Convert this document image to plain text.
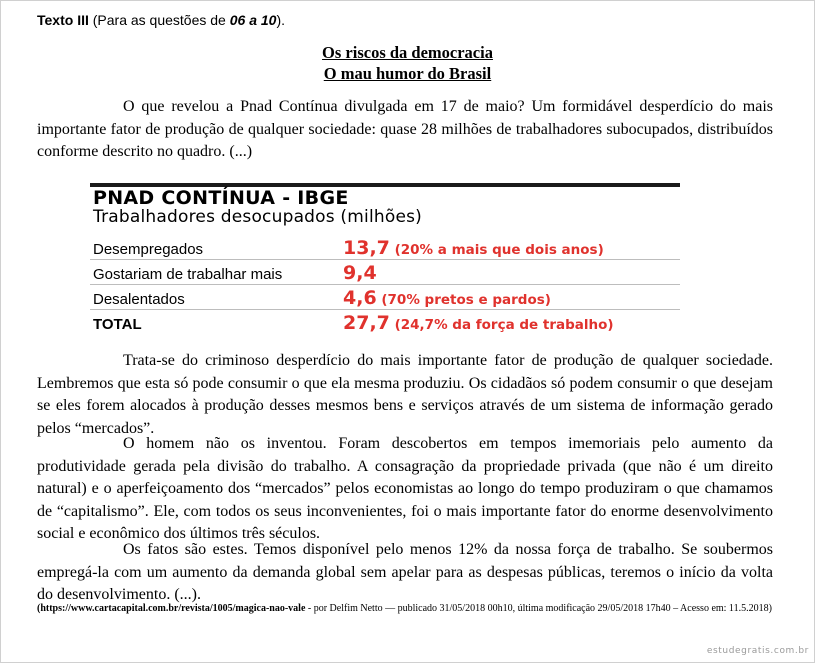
Texto III (Para as questões de 06 a 10).
Os riscos da democracia
O mau humor do Brasil
O que revelou a Pnad Contínua divulgada em 17 de maio? Um formidável desperdício do mais importante fator de produção de qualquer sociedade: quase 28 milhões de trabalhadores subocupados, distribuídos conforme descrito no quadro. (...)
PNAD CONTÍNUA - IBGE
Trabalhadores desocupados (milhões)
Desempregados	13,7 (20% a mais que dois anos)
Gostariam de trabalhar mais	9,4
Desalentados	4,6 (70% pretos e pardos)
TOTAL	27,7 (24,7% da força de trabalho)
Trata-se do criminoso desperdício do mais importante fator de produção de qualquer sociedade. Lembremos que esta só pode consumir o que ela mesma produziu. Os cidadãos só podem consumir o que desejam se eles forem alocados à produção desses mesmos bens e serviços através de um sistema de informação gerado pelos “mercados”.
O homem não os inventou. Foram descobertos em tempos imemoriais pelo aumento da produtividade gerada pela divisão do trabalho. A consagração da propriedade privada (que não é um direito natural) e o aperfeiçoamento dos “mercados” pelos economistas ao longo do tempo produziram o que chamamos de “capitalismo”. Ele, com todos os seus inconvenientes, foi o mais importante fator do enorme desenvolvimento social e econômico dos últimos três séculos.
Os fatos são estes. Temos disponível pelo menos 12% da nossa força de trabalho. Se soubermos empregá-la com um aumento da demanda global sem apelar para as despesas públicas, teremos o início da volta do desenvolvimento. (...).
(https://www.cartacapital.com.br/revista/1005/magica-nao-vale - por Delfim Netto — publicado 31/05/2018 00h10, última modificação 29/05/2018 17h40 – Acesso em: 11.5.2018)
estudegratis.com.br
